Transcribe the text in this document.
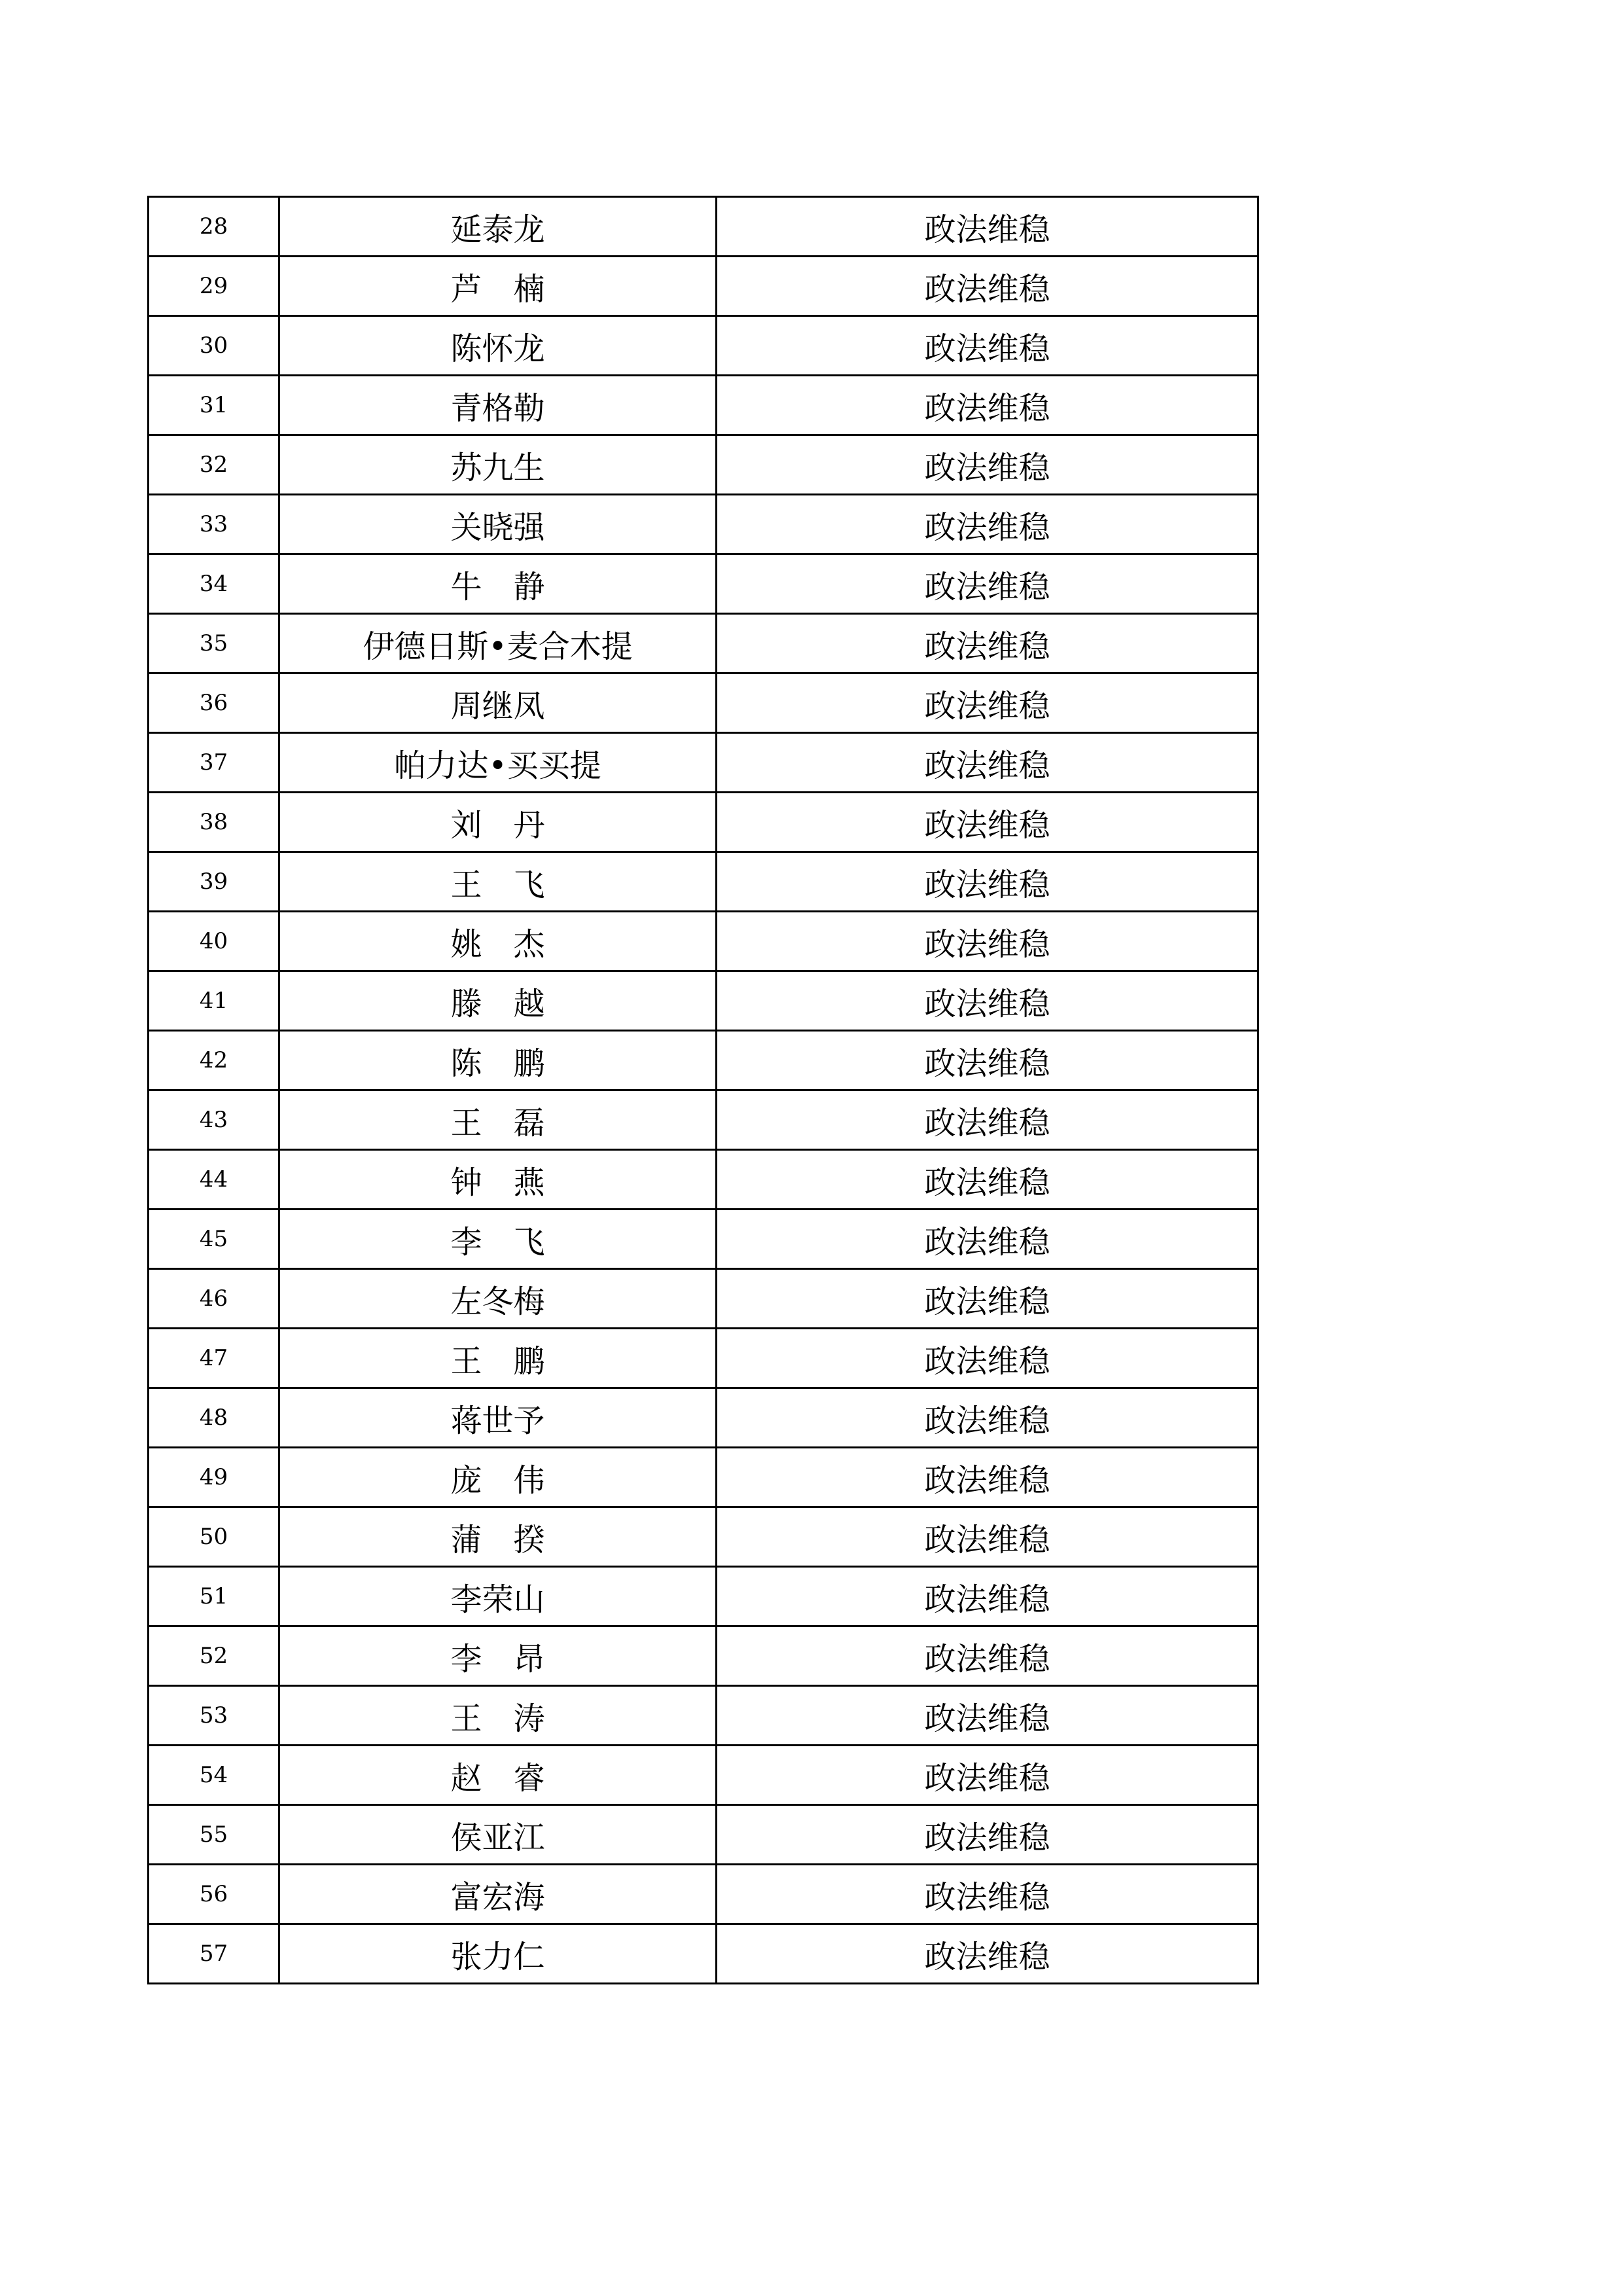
28	延泰龙	政法维稳
29	芦　楠	政法维稳
30	陈怀龙	政法维稳
31	青格勒	政法维稳
32	苏九生	政法维稳
33	关晓强	政法维稳
34	牛　静	政法维稳
35	伊德日斯•麦合木提	政法维稳
36	周继凤	政法维稳
37	帕力达•买买提	政法维稳
38	刘　丹	政法维稳
39	王　飞	政法维稳
40	姚　杰	政法维稳
41	滕　越	政法维稳
42	陈　鹏	政法维稳
43	王　磊	政法维稳
44	钟　燕	政法维稳
45	李　飞	政法维稳
46	左冬梅	政法维稳
47	王　鹏	政法维稳
48	蒋世予	政法维稳
49	庞　伟	政法维稳
50	蒲　揆	政法维稳
51	李荣山	政法维稳
52	李　昂	政法维稳
53	王　涛	政法维稳
54	赵　睿	政法维稳
55	侯亚江	政法维稳
56	富宏海	政法维稳
57	张力仁	政法维稳
